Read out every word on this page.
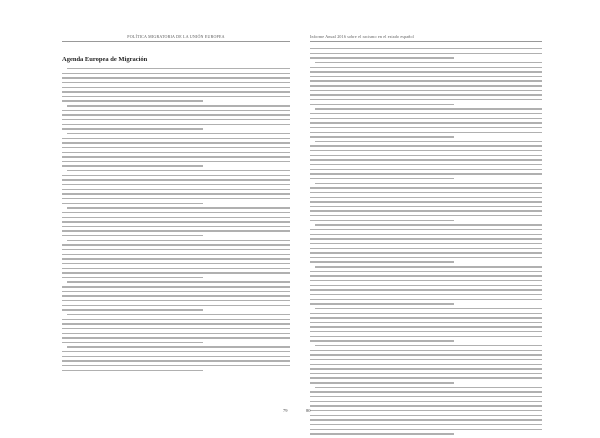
POLÍTICA MIGRATORIA DE LA UNIÓN EUROPEA
Agenda Europea de Migración
79
Informe Anual 2016 sobre el racismo en el estado español
80
